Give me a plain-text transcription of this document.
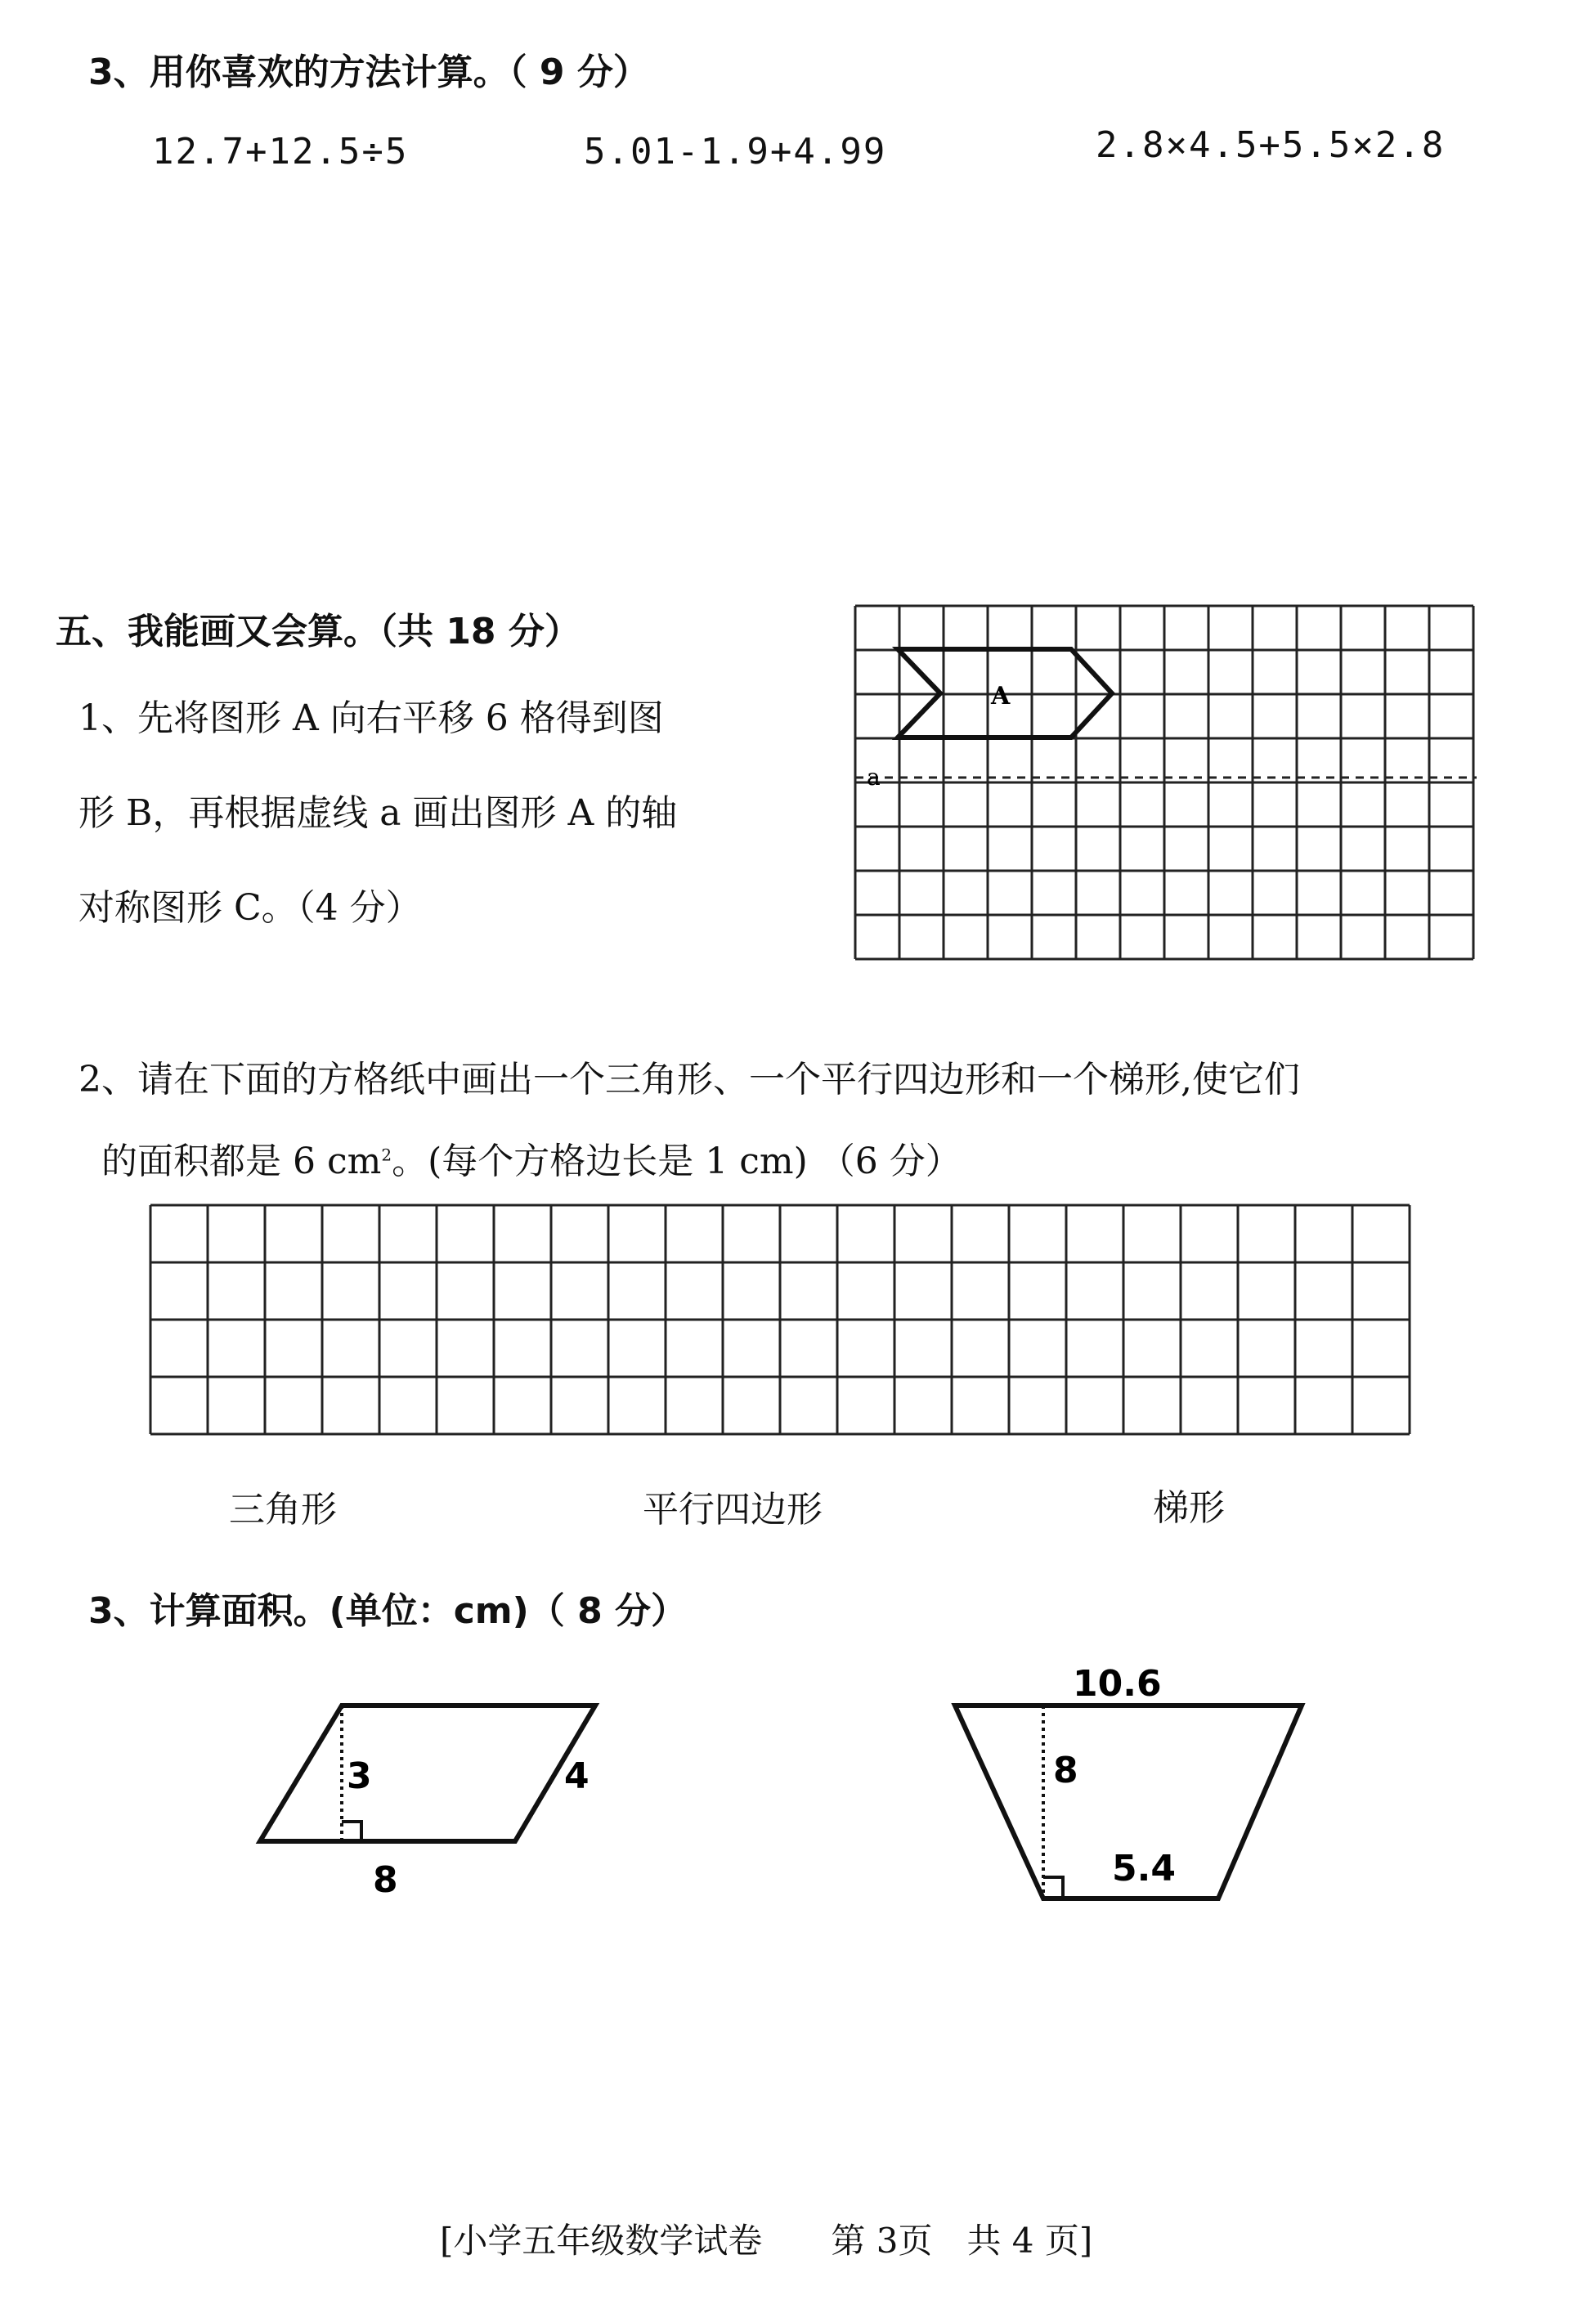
3、用你喜欢的方法计算。（ 9 分）
12.7+12.5÷5	5.01-1.9+4.99	2.8×4.5+5.5×2.8
五、我能画又会算。（共 18 分）
1、先将图形 A 向右平移 6 格得到图
形 B，再根据虚线 a 画出图形 A 的轴
对称图形 C。（4 分）
A
a
2、请在下面的方格纸中画出一个三角形、一个平行四边形和一个梯形,使它们
的面积都是 6 $cm^2$。(每个方格边长是 1 cm) （6 分）
三角形	平行四边形	梯形
3、计算面积。(单位：cm)（ 8 分）
3	4
8
10.6
8
5.4
[小学五年级数学试卷　　第 3页　共 4 页]
